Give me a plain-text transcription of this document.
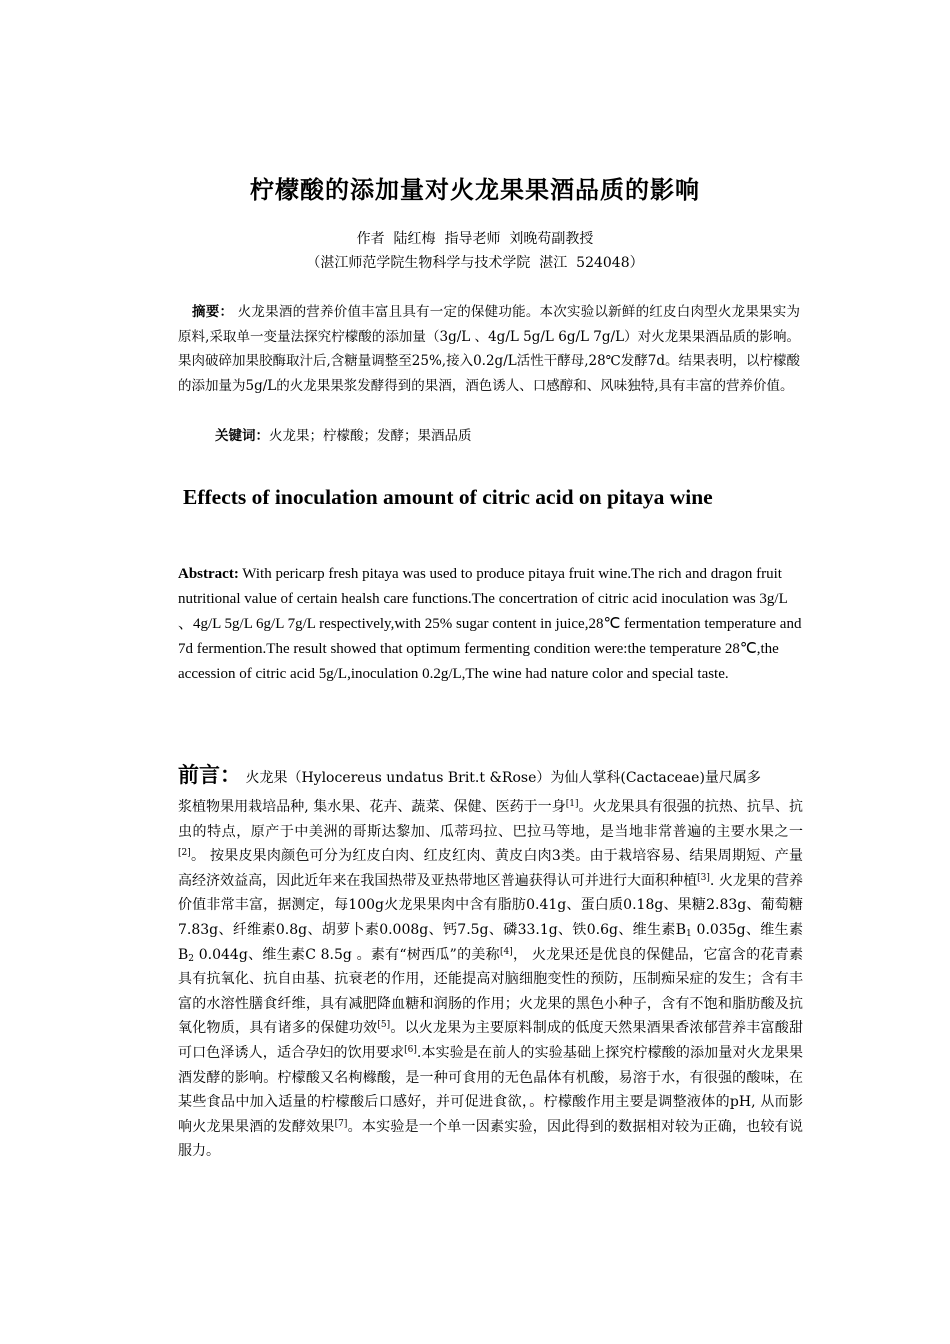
柠檬酸的添加量对火龙果果酒品质的影响
作者  陆红梅  指导老师  刘晚苟副教授
（湛江师范学院生物科学与技术学院  湛江  524048）
摘要： 火龙果酒的营养价值丰富且具有一定的保健功能。本次实验以新鲜的红皮白肉型火龙果果实为原料,采取单一变量法探究柠檬酸的添加量（3g/L 、4g/L 5g/L 6g/L 7g/L）对火龙果果酒品质的影响。果肉破碎加果胶酶取汁后,含糖量调整至25%,接入0.2g/L活性干酵母,28℃发酵7d。结果表明，以柠檬酸的添加量为5g/L的火龙果果浆发酵得到的果酒，酒色诱人、口感醇和、风味独特,具有丰富的营养价值。
关键词：火龙果；柠檬酸；发酵；果酒品质
Effects of inoculation amount of citric acid on pitaya wine
Abstract: With pericarp fresh pitaya was used to produce pitaya fruit wine.The rich and dragon fruit nutritional value of certain healsh care functions.The concertration of citric acid inoculation was 3g/L 、4g/L 5g/L 6g/L 7g/L respectively,with 25% sugar content in juice,28℃ fermentation temperature and 7d fermention.The result showed that optimum fermenting condition were:the temperature 28℃,the accession of citric acid 5g/L,inoculation 0.2g/L,The wine had nature color and special taste.
前言： 火龙果（Hylocereus undatus Brit.t &Rose）为仙人掌科(Cactaceae)量尺属多
浆植物果用栽培品种, 集水果、花卉、蔬菜、保健、医药于一身[1]。火龙果具有很强的抗热、抗旱、抗虫的特点，原产于中美洲的哥斯达黎加、瓜蒂玛拉、巴拉马等地，是当地非常普遍的主要水果之一[2]。 按果皮果肉颜色可分为红皮白肉、红皮红肉、黄皮白肉3类。由于栽培容易、结果周期短、产量高经济效益高，因此近年来在我国热带及亚热带地区普遍获得认可并进行大面积种植[3]. 火龙果的营养价值非常丰富，据测定，每100g火龙果果肉中含有脂肪0.41g、蛋白质0.18g、果糖2.83g、葡萄糖7.83g、纤维素0.8g、胡萝卜素0.008g、钙7.5g、磷33.1g、铁0.6g、维生素$B_1$ 0.035g、维生素$B_2$ 0.044g、维生素C 8.5g 。素有“树西瓜”的美称[4]， 火龙果还是优良的保健品，它富含的花青素具有抗氧化、抗自由基、抗衰老的作用，还能提高对脑细胞变性的预防，压制痴呆症的发生；含有丰富的水溶性膳食纤维，具有减肥降血糖和润肠的作用；火龙果的黑色小种子，含有不饱和脂肪酸及抗氧化物质，具有诸多的保健功效[5]。以火龙果为主要原料制成的低度天然果酒果香浓郁营养丰富酸甜可口色泽诱人，适合孕妇的饮用要求[6].本实验是在前人的实验基础上探究柠檬酸的添加量对火龙果果酒发酵的影响。柠檬酸又名枸橼酸，是一种可食用的无色晶体有机酸，易溶于水，有很强的酸味，在某些食品中加入适量的柠檬酸后口感好，并可促进食欲，。柠檬酸作用主要是调整液体的pH, 从而影响火龙果果酒的发酵效果[7]。本实验是一个单一因素实验，因此得到的数据相对较为正确，也较有说服力。
